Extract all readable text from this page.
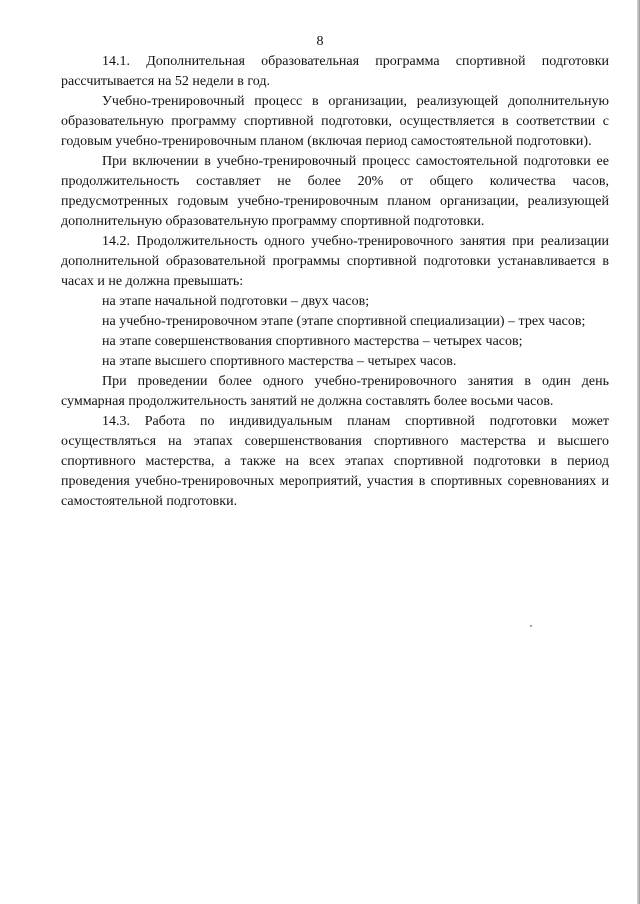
8

14.1. Дополнительная образовательная программа спортивной подготовки рассчитывается на 52 недели в год.

Учебно-тренировочный процесс в организации, реализующей дополнительную образовательную программу спортивной подготовки, осуществляется в соответствии с годовым учебно-тренировочным планом (включая период самостоятельной подготовки).

При включении в учебно-тренировочный процесс самостоятельной подготовки ее продолжительность составляет не более 20% от общего количества часов, предусмотренных годовым учебно-тренировочным планом организации, реализующей дополнительную образовательную программу спортивной подготовки.

14.2. Продолжительность одного учебно-тренировочного занятия при реализации дополнительной образовательной программы спортивной подготовки устанавливается в часах и не должна превышать:

на этапе начальной подготовки – двух часов;

на учебно-тренировочном этапе (этапе спортивной специализации) – трех часов;

на этапе совершенствования спортивного мастерства – четырех часов;

на этапе высшего спортивного мастерства – четырех часов.

При проведении более одного учебно-тренировочного занятия в один день суммарная продолжительность занятий не должна составлять более восьми часов.

14.3. Работа по индивидуальным планам спортивной подготовки может осуществляться на этапах совершенствования спортивного мастерства и высшего спортивного мастерства, а также на всех этапах спортивной подготовки в период проведения учебно-тренировочных мероприятий, участия в спортивных соревнованиях и самостоятельной подготовки.
